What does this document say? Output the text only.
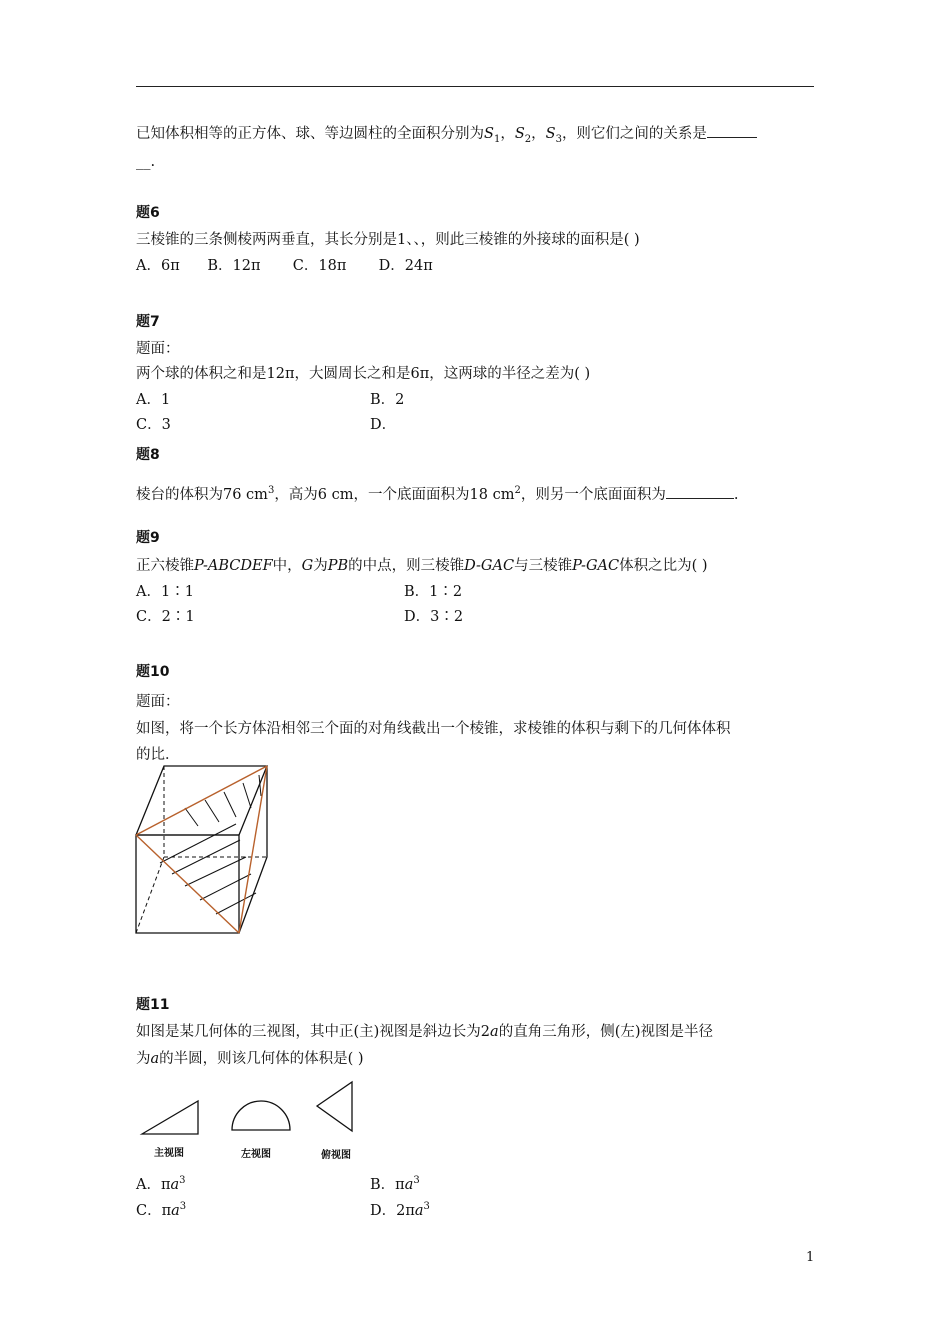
已知体积相等的正方体、球、等边圆柱的全面积分别为$S_1$，$S_2$，$S_3$，则它们之间的关系是
__.
题6
三棱锥的三条侧棱两两垂直，其长分别是1、、，则此三棱锥的外接球的面积是( )
A．6π      B．12π       C．18π       D．24π
题7
题面：
两个球的体积之和是12π，大圆周长之和是6π，这两球的半径之差为( )
A．1	B．2
C．3	D．
题8
棱台的体积为76 $cm^3$，高为6 cm，一个底面面积为18 $cm^2$，则另一个底面面积为	.
题9
正六棱锥P-ABCDEF中，G为PB的中点，则三棱锥D-GAC与三棱锥P-GAC体积之比为( )
A．1∶1	B．1∶2
C．2∶1	D．3∶2
题10
题面：
如图，将一个长方体沿相邻三个面的对角线截出一个棱锥，求棱锥的体积与剩下的几何体体积
的比．
题11
如图是某几何体的三视图，其中正(主)视图是斜边长为2a的直角三角形，侧(左)视图是半径
为a的半圆，则该几何体的体积是( )
主视图	左视图	俯视图
A．$\pi a^3$	B．$\pi a^3$
C．$\pi a^3$	D．$2\pi a^3$
1
